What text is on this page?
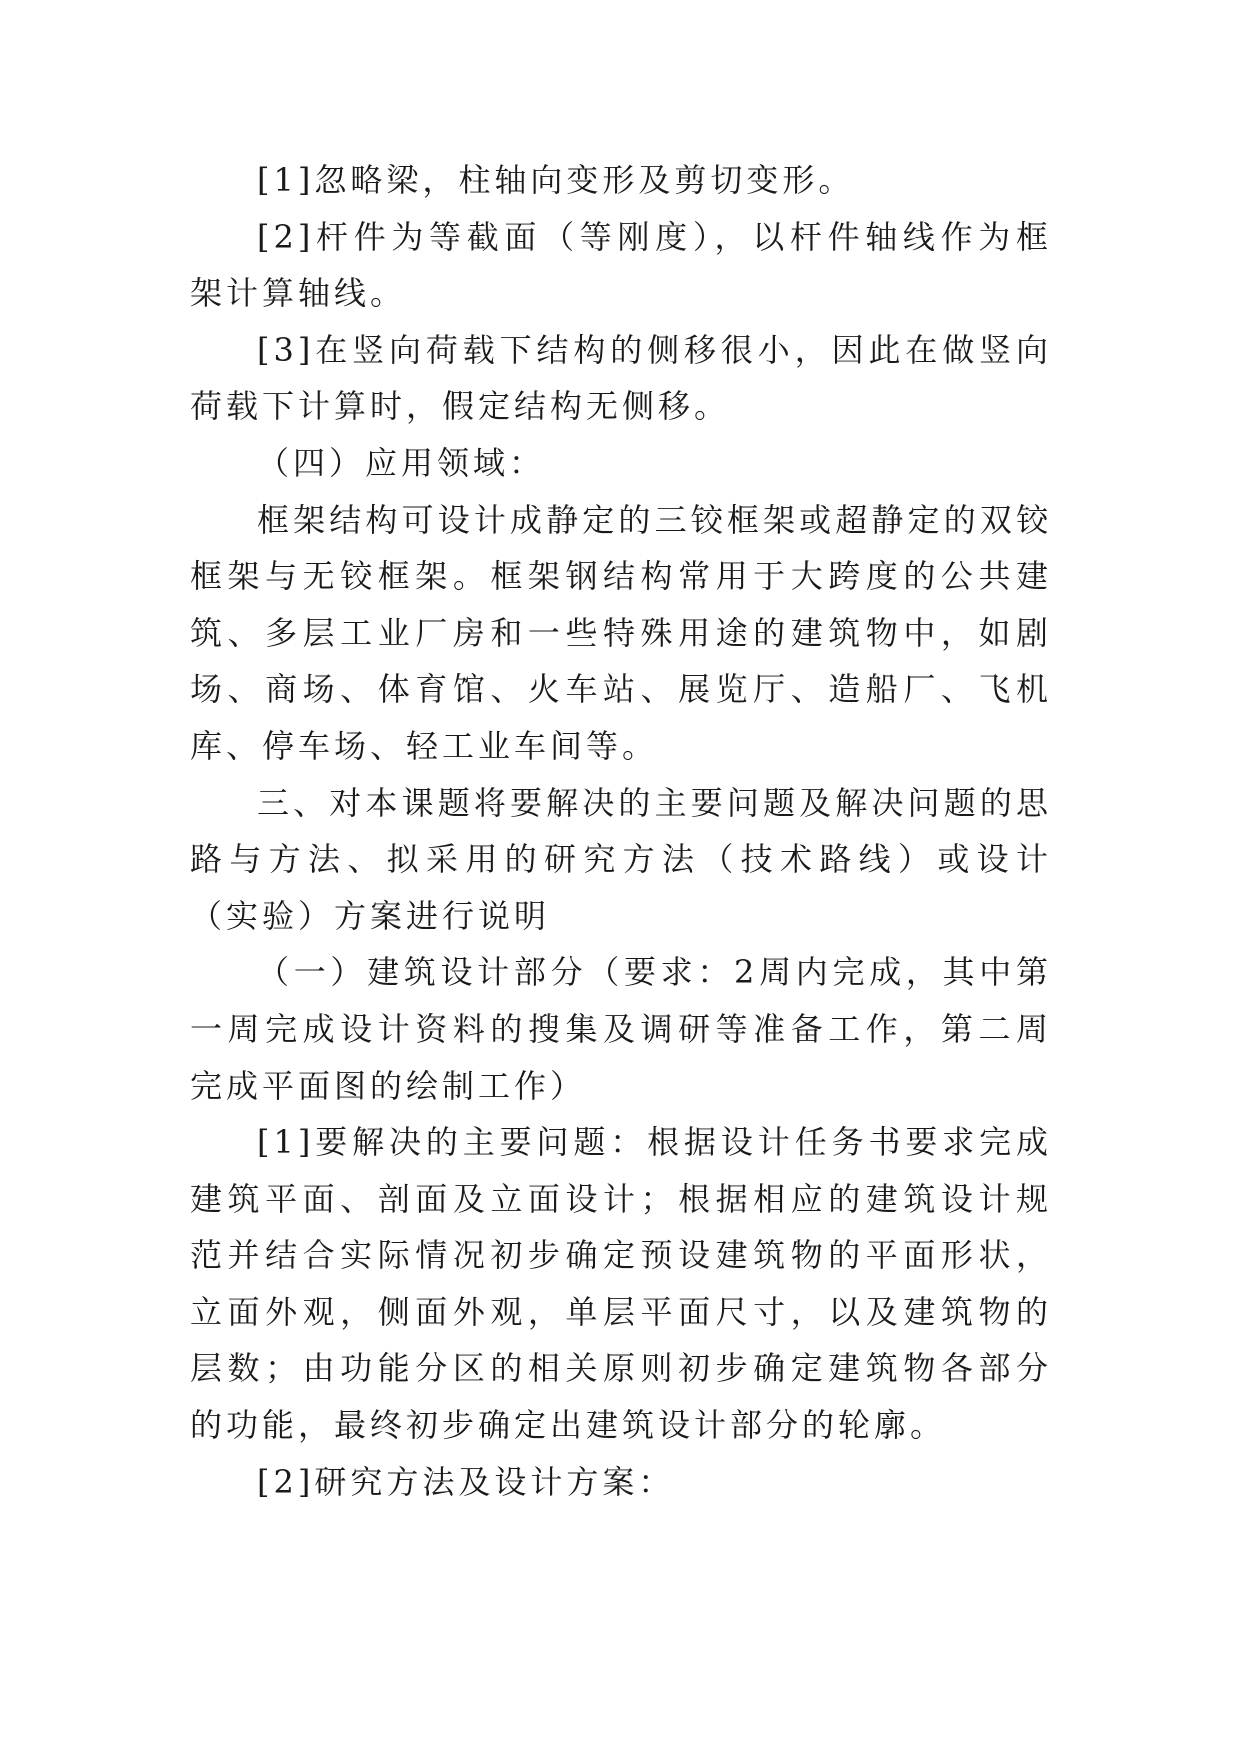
[1]忽略梁，柱轴向变形及剪切变形。

[2]杆件为等截面（等刚度），以杆件轴线作为框架计算轴线。

[3]在竖向荷载下结构的侧移很小，因此在做竖向荷载下计算时，假定结构无侧移。

（四）应用领域：

框架结构可设计成静定的三铰框架或超静定的双铰框架与无铰框架。框架钢结构常用于大跨度的公共建筑、多层工业厂房和一些特殊用途的建筑物中，如剧场、商场、体育馆、火车站、展览厅、造船厂、飞机库、停车场、轻工业车间等。

三、对本课题将要解决的主要问题及解决问题的思路与方法、拟采用的研究方法（技术路线）或设计（实验）方案进行说明

（一）建筑设计部分（要求：2周内完成，其中第一周完成设计资料的搜集及调研等准备工作，第二周完成平面图的绘制工作）

[1]要解决的主要问题：根据设计任务书要求完成建筑平面、剖面及立面设计；根据相应的建筑设计规范并结合实际情况初步确定预设建筑物的平面形状，立面外观，侧面外观，单层平面尺寸，以及建筑物的层数；由功能分区的相关原则初步确定建筑物各部分的功能，最终初步确定出建筑设计部分的轮廓。

[2]研究方法及设计方案：
